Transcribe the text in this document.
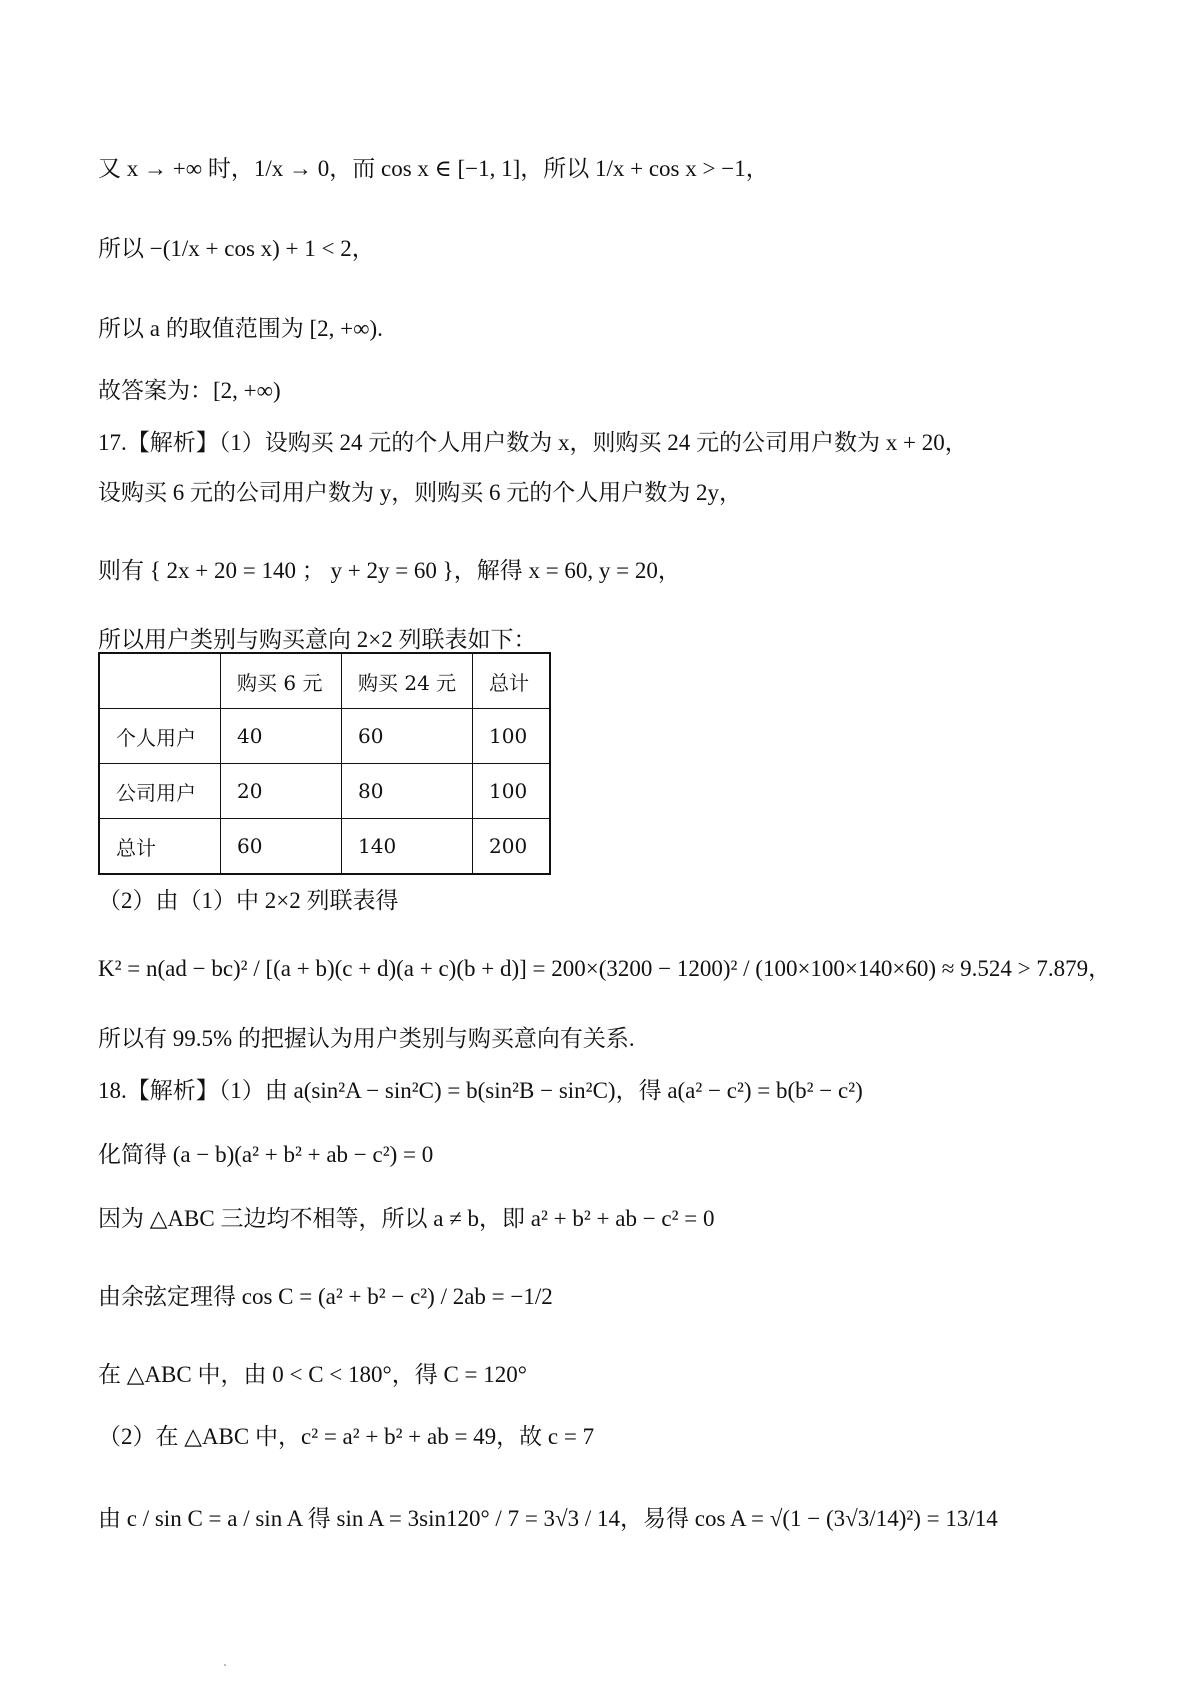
又 x → +∞ 时，1/x → 0，而 cos x ∈ [−1, 1]，所以 1/x + cos x > −1，
所以 −(1/x + cos x) + 1 < 2，
所以 a 的取值范围为 [2, +∞).
故答案为：[2, +∞)
17.【解析】（1）设购买 24 元的个人用户数为 x，则购买 24 元的公司用户数为 x + 20，
设购买 6 元的公司用户数为 y，则购买 6 元的个人用户数为 2y，
则有 { 2x + 20 = 140 ； y + 2y = 60 }，解得 x = 60, y = 20，
所以用户类别与购买意向 2×2 列联表如下：
	购买 6 元	购买 24 元	总计
个人用户	40	60	100
公司用户	20	80	100
总计	60	140	200
（2）由（1）中 2×2 列联表得
K² = n(ad − bc)² / [(a + b)(c + d)(a + c)(b + d)] = 200×(3200 − 1200)² / (100×100×140×60) ≈ 9.524 > 7.879，
所以有 99.5% 的把握认为用户类别与购买意向有关系.
18.【解析】（1）由 a(sin²A − sin²C) = b(sin²B − sin²C)，得 a(a² − c²) = b(b² − c²)
化简得 (a − b)(a² + b² + ab − c²) = 0
因为 △ABC 三边均不相等，所以 a ≠ b，即 a² + b² + ab − c² = 0
由余弦定理得 cos C = (a² + b² − c²) / 2ab = −1/2
在 △ABC 中，由 0 < C < 180°，得 C = 120°
（2）在 △ABC 中，c² = a² + b² + ab = 49，故 c = 7
由 c / sin C = a / sin A 得 sin A = 3sin120° / 7 = 3√3 / 14，易得 cos A = √(1 − (3√3/14)²) = 13/14
